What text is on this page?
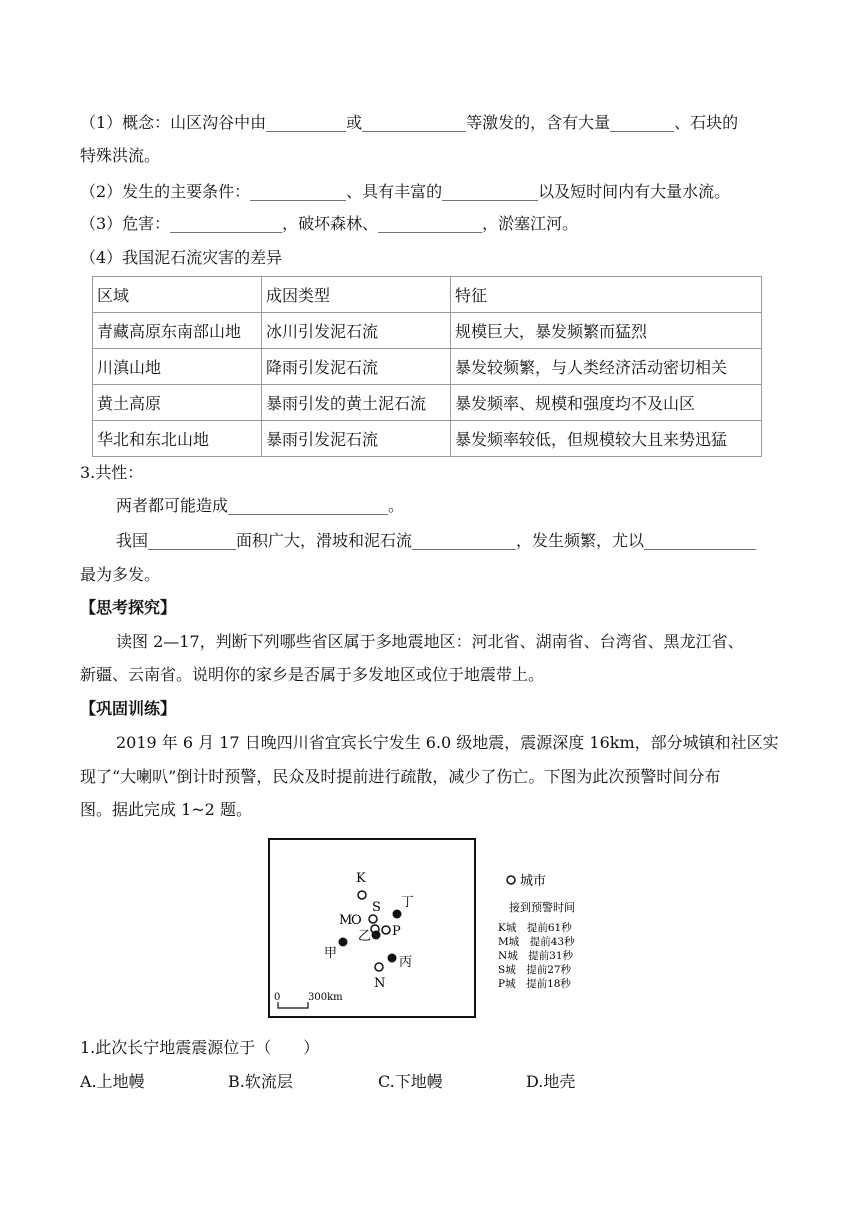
（1）概念：山区沟谷中由__________或_____________等激发的，含有大量________、石块的
特殊洪流。
（2）发生的主要条件：____________、具有丰富的____________以及短时间内有大量水流。
（3）危害：______________，破坏森林、_____________，淤塞江河。
（4）我国泥石流灾害的差异
区域	成因类型	特征
青藏高原东南部山地	冰川引发泥石流	规模巨大，暴发频繁而猛烈
川滇山地	降雨引发泥石流	暴发较频繁，与人类经济活动密切相关
黄土高原	暴雨引发的黄土泥石流	暴发频率、规模和强度均不及山区
华北和东北山地	暴雨引发泥石流	暴发频率较低，但规模较大且来势迅猛
3.共性：
两者都可能造成____________________。
我国___________面积广大，滑坡和泥石流_____________，发生频繁，尤以______________
最为多发。
【思考探究】
读图 2—17，判断下列哪些省区属于多地震地区：河北省、湖南省、台湾省、黑龙江省、
新疆、云南省。说明你的家乡是否属于多发地区或位于地震带上。
【巩固训练】
2019 年 6 月 17 日晚四川省宜宾长宁发生 6.0 级地震，震源深度 16km，部分城镇和社区实
现了“大喇叭”倒计时预警，民众及时提前进行疏散，减少了伤亡。下图为此次预警时间分布
图。据此完成 1~2 题。
K
S
M
O
P
N
丁
乙
甲
丙
0	300km
城市
接到预警时间
K城　提前61秒
M城　提前43秒
N城　提前31秒
S城　提前27秒
P城　提前18秒
1.此次长宁地震震源位于（　　）
A.上地幔	B.软流层	C.下地幔	D.地壳
